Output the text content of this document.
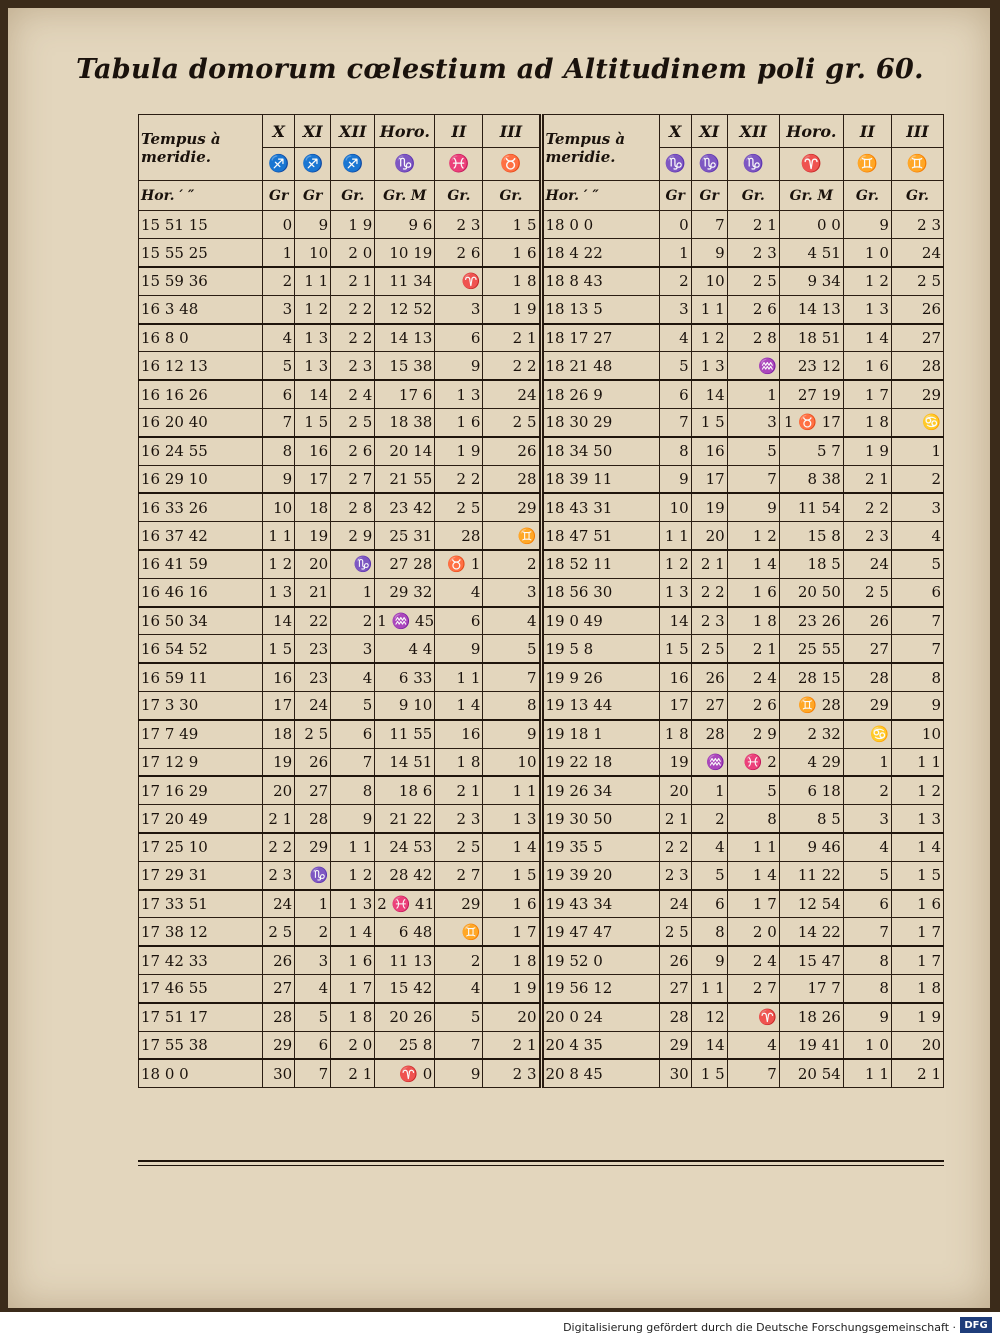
Tabula domorum cœlestium ad Altitudinem poli gr. 60.
Tempus à
meridie.	X	XI	XII	Horo.	II	III
	♐	♐	♐	♑	♓	♉
Hor. ′ ″	Gr	Gr	Gr.	Gr. M	Gr.	Gr.
15 51 15	0	9	1 9	9 6	2 3	1 5
15 55 25	1	10	2 0	10 19	2 6	1 6
15 59 36	2	1 1	2 1	11 34	♈	1 8
16 3 48	3	1 2	2 2	12 52	3	1 9
16 8 0	4	1 3	2 2	14 13	6	2 1
16 12 13	5	1 3	2 3	15 38	9	2 2
16 16 26	6	14	2 4	17 6	1 3	24
16 20 40	7	1 5	2 5	18 38	1 6	2 5
16 24 55	8	16	2 6	20 14	1 9	26
16 29 10	9	17	2 7	21 55	2 2	28
16 33 26	10	18	2 8	23 42	2 5	29
16 37 42	1 1	19	2 9	25 31	28	♊
16 41 59	1 2	20	♑	27 28	♉ 1	2
16 46 16	1 3	21	1	29 32	4	3
16 50 34	14	22	2	1 ♒ 45	6	4
16 54 52	1 5	23	3	4 4	9	5
16 59 11	16	23	4	6 33	1 1	7
17 3 30	17	24	5	9 10	1 4	8
17 7 49	18	2 5	6	11 55	16	9
17 12 9	19	26	7	14 51	1 8	10
17 16 29	20	27	8	18 6	2 1	1 1
17 20 49	2 1	28	9	21 22	2 3	1 3
17 25 10	2 2	29	1 1	24 53	2 5	1 4
17 29 31	2 3	♑	1 2	28 42	2 7	1 5
17 33 51	24	1	1 3	2 ♓ 41	29	1 6
17 38 12	2 5	2	1 4	6 48	♊	1 7
17 42 33	26	3	1 6	11 13	2	1 8
17 46 55	27	4	1 7	15 42	4	1 9
17 51 17	28	5	1 8	20 26	5	20
17 55 38	29	6	2 0	25 8	7	2 1
18 0 0	30	7	2 1	♈ 0	9	2 3
Tempus à
meridie.	X	XI	XII	Horo.	II	III
	♑	♑	♑	♈	♊	♊
Hor. ′ ″	Gr	Gr	Gr.	Gr. M	Gr.	Gr.
18 0 0	0	7	2 1	0 0	9	2 3
18 4 22	1	9	2 3	4 51	1 0	24
18 8 43	2	10	2 5	9 34	1 2	2 5
18 13 5	3	1 1	2 6	14 13	1 3	26
18 17 27	4	1 2	2 8	18 51	1 4	27
18 21 48	5	1 3	♒	23 12	1 6	28
18 26 9	6	14	1	27 19	1 7	29
18 30 29	7	1 5	3	1 ♉ 17	1 8	♋
18 34 50	8	16	5	5 7	1 9	1
18 39 11	9	17	7	8 38	2 1	2
18 43 31	10	19	9	11 54	2 2	3
18 47 51	1 1	20	1 2	15 8	2 3	4
18 52 11	1 2	2 1	1 4	18 5	24	5
18 56 30	1 3	2 2	1 6	20 50	2 5	6
19 0 49	14	2 3	1 8	23 26	26	7
19 5 8	1 5	2 5	2 1	25 55	27	7
19 9 26	16	26	2 4	28 15	28	8
19 13 44	17	27	2 6	♊ 28	29	9
19 18 1	1 8	28	2 9	2 32	♋	10
19 22 18	19	♒	♓ 2	4 29	1	1 1
19 26 34	20	1	5	6 18	2	1 2
19 30 50	2 1	2	8	8 5	3	1 3
19 35 5	2 2	4	1 1	9 46	4	1 4
19 39 20	2 3	5	1 4	11 22	5	1 5
19 43 34	24	6	1 7	12 54	6	1 6
19 47 47	2 5	8	2 0	14 22	7	1 7
19 52 0	26	9	2 4	15 47	8	1 7
19 56 12	27	1 1	2 7	17 7	8	1 8
20 0 24	28	12	♈	18 26	9	1 9
20 4 35	29	14	4	19 41	1 0	20
20 8 45	30	1 5	7	20 54	1 1	2 1
Digitalisierung gefördert durch die Deutsche Forschungsgemeinschaft · DFG
